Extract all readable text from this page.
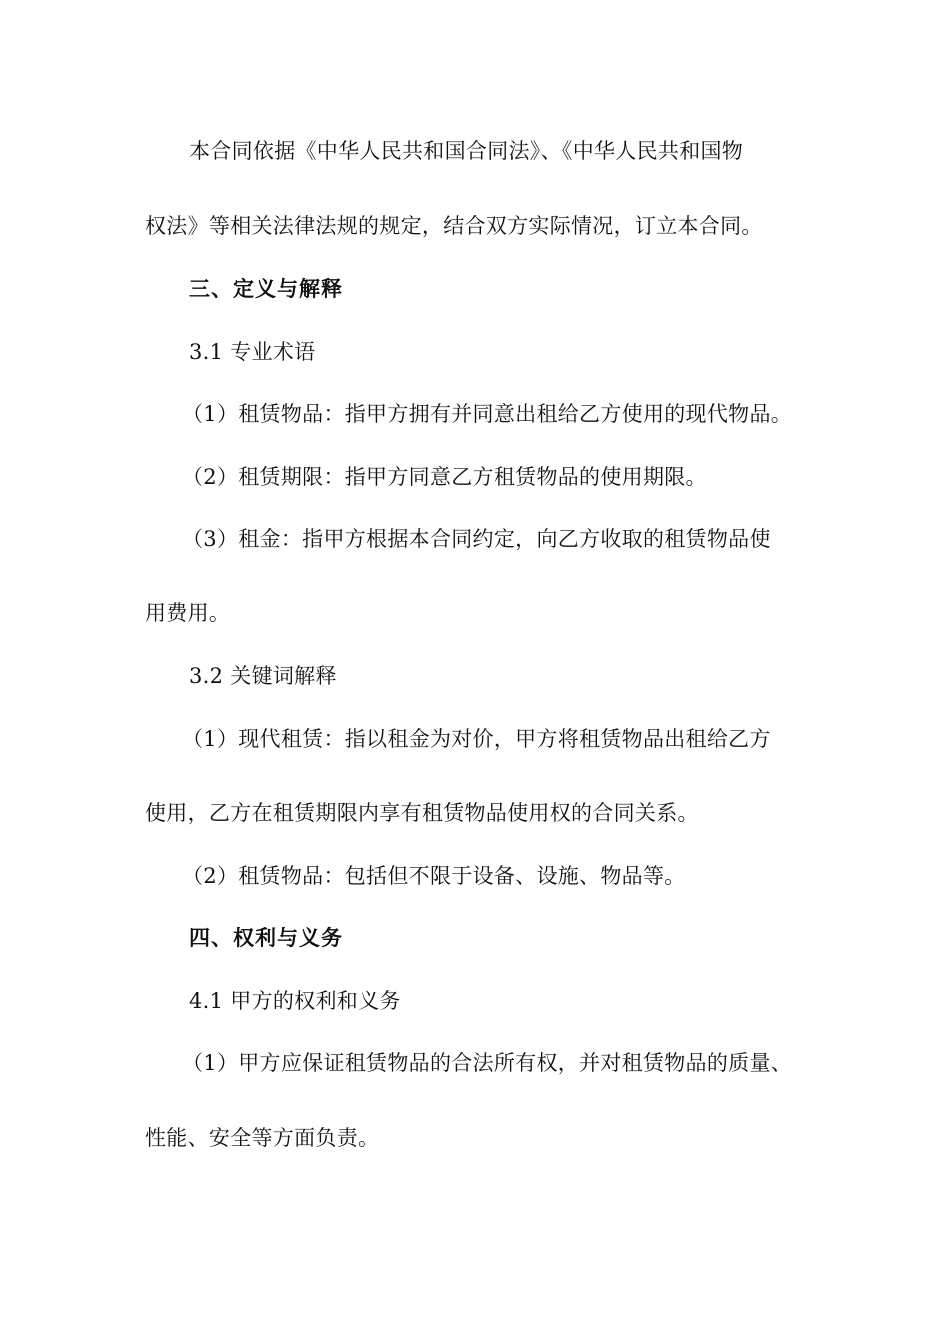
本合同依据《中华人民共和国合同法》、《中华人民共和国物
权法》等相关法律法规的规定，结合双方实际情况，订立本合同。
三、定义与解释
3.1 专业术语
（1）租赁物品：指甲方拥有并同意出租给乙方使用的现代物品。
（2）租赁期限：指甲方同意乙方租赁物品的使用期限。
（3）租金：指甲方根据本合同约定，向乙方收取的租赁物品使
用费用。
3.2 关键词解释
（1）现代租赁：指以租金为对价，甲方将租赁物品出租给乙方
使用，乙方在租赁期限内享有租赁物品使用权的合同关系。
（2）租赁物品：包括但不限于设备、设施、物品等。
四、权利与义务
4.1 甲方的权利和义务
（1）甲方应保证租赁物品的合法所有权，并对租赁物品的质量、
性能、安全等方面负责。
